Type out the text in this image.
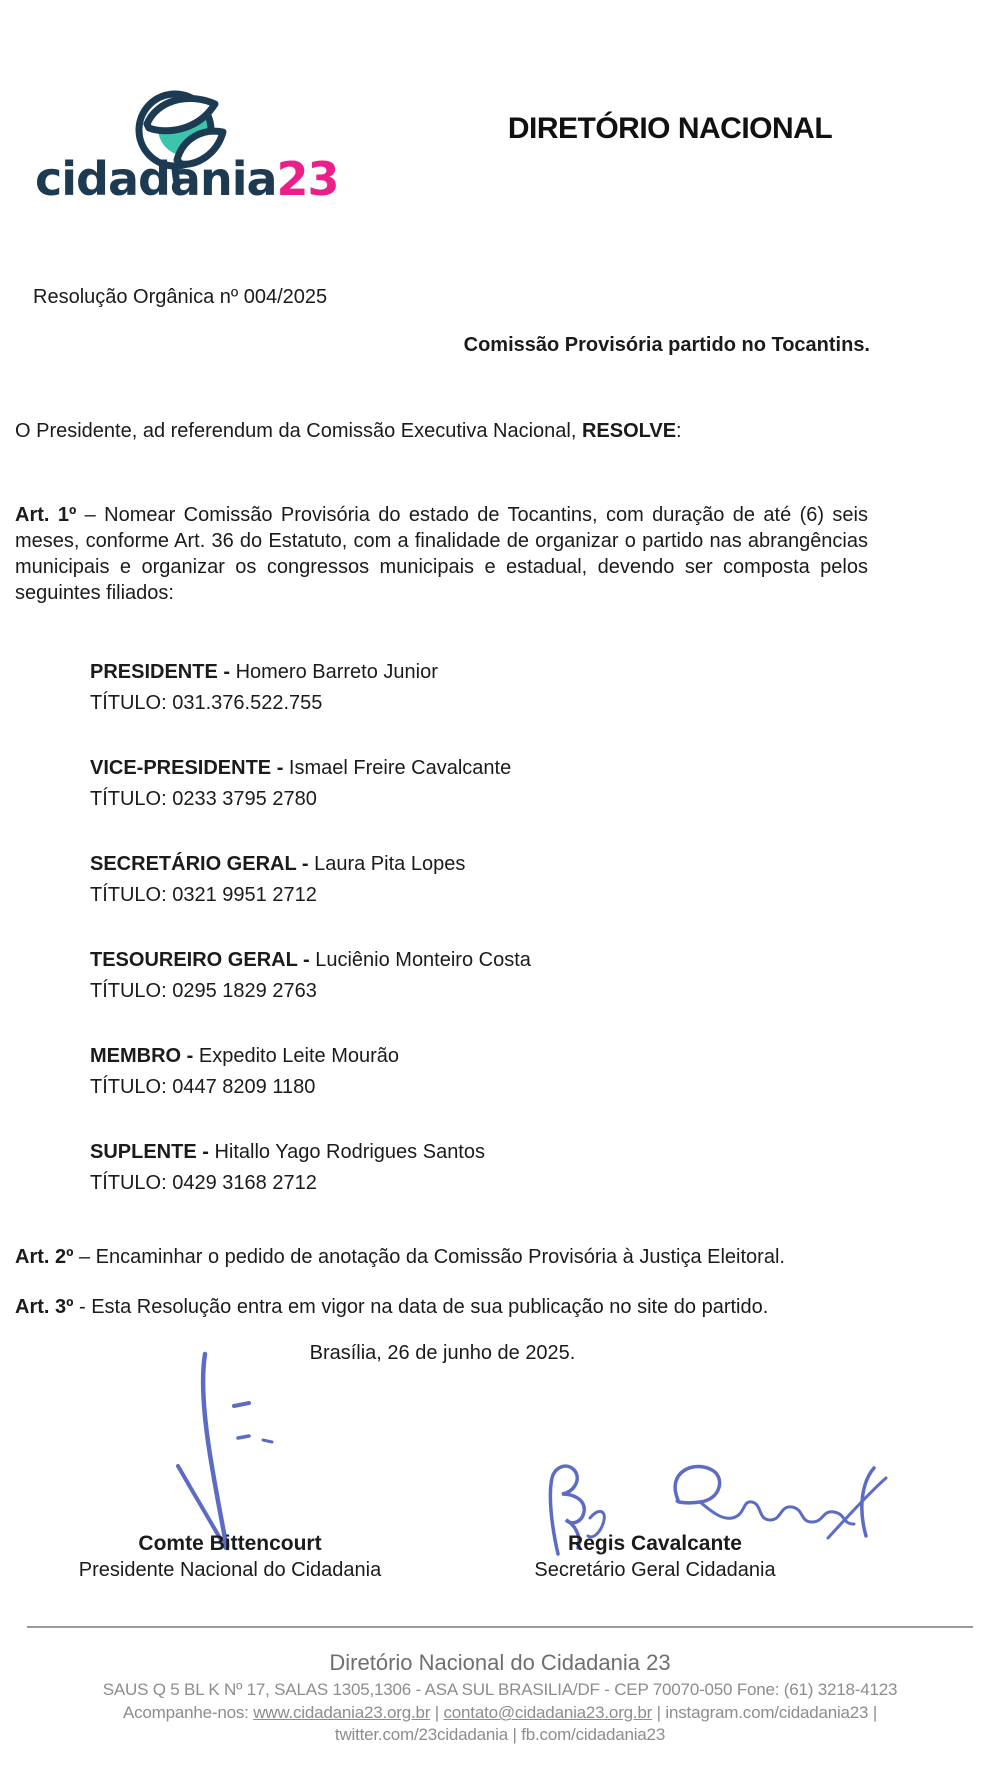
cidadania23
DIRETÓRIO NACIONAL
Resolução Orgânica nº 004/2025
Comissão Provisória partido no Tocantins.
O Presidente, ad referendum da Comissão Executiva Nacional, RESOLVE:
Art. 1º – Nomear Comissão Provisória do estado de Tocantins, com duração de até (6) seis meses, conforme Art. 36 do Estatuto, com a finalidade de organizar o partido nas abrangências municipais e organizar os congressos municipais e estadual, devendo ser composta pelos seguintes filiados:
PRESIDENTE - Homero Barreto Junior
TÍTULO: 031.376.522.755
VICE-PRESIDENTE - Ismael Freire Cavalcante
TÍTULO: 0233 3795 2780
SECRETÁRIO GERAL - Laura Pita Lopes
TÍTULO: 0321 9951 2712
TESOUREIRO GERAL - Luciênio Monteiro Costa
TÍTULO: 0295 1829 2763
MEMBRO - Expedito Leite Mourão
TÍTULO: 0447 8209 1180
SUPLENTE - Hitallo Yago Rodrigues Santos
TÍTULO: 0429 3168 2712
Art. 2º – Encaminhar o pedido de anotação da Comissão Provisória à Justiça Eleitoral.
Art. 3º - Esta Resolução entra em vigor na data de sua publicação no site do partido.
Brasília, 26 de junho de 2025.
Comte Bittencourt
Presidente Nacional do Cidadania
Regis Cavalcante
Secretário Geral Cidadania
Diretório Nacional do Cidadania 23
SAUS Q 5 BL K Nº 17, SALAS 1305,1306 - ASA SUL BRASILIA/DF - CEP 70070-050 Fone: (61) 3218-4123
Acompanhe-nos: www.cidadania23.org.br | contato@cidadania23.org.br | instagram.com/cidadania23 |
twitter.com/23cidadania | fb.com/cidadania23
